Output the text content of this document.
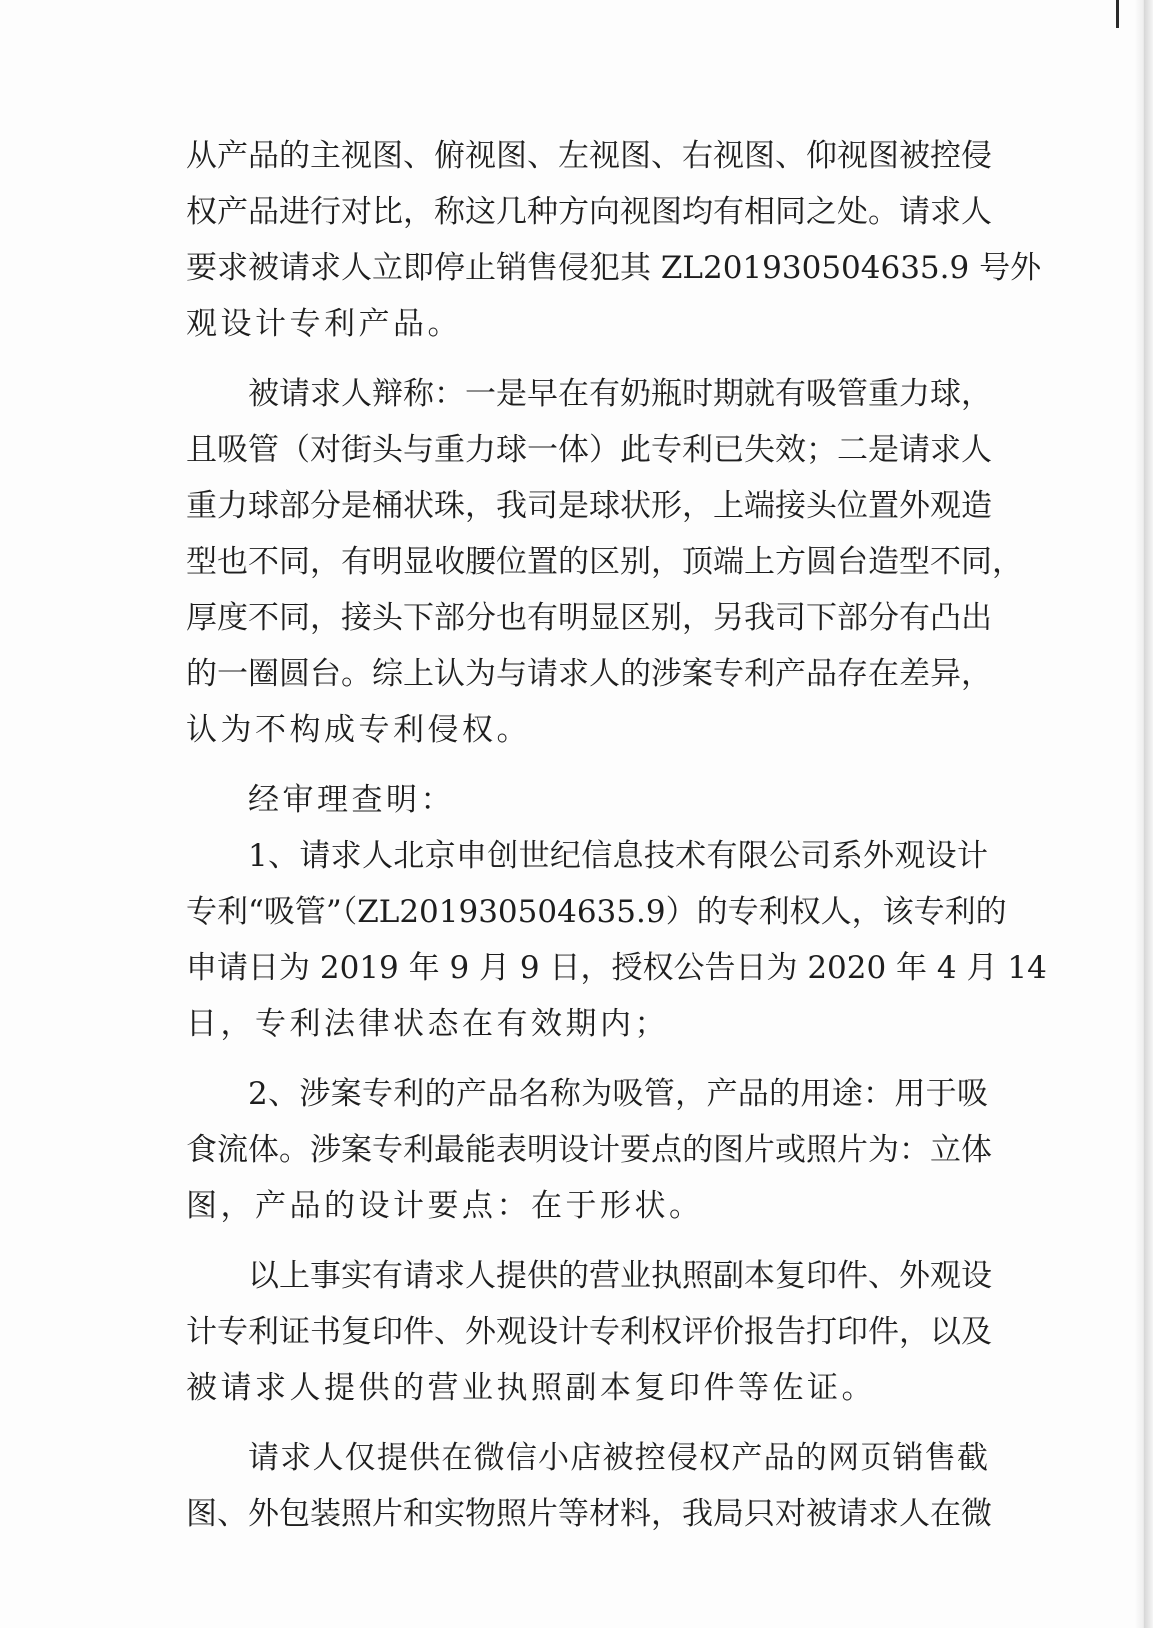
从产品的主视图、俯视图、左视图、右视图、仰视图被控侵
权产品进行对比，称这几种方向视图均有相同之处。请求人
要求被请求人立即停止销售侵犯其 ZL201930504635.9 号外
观设计专利产品。
被请求人辩称：一是早在有奶瓶时期就有吸管重力球，
且吸管（对街头与重力球一体）此专利已失效；二是请求人
重力球部分是桶状珠，我司是球状形，上端接头位置外观造
型也不同，有明显收腰位置的区别，顶端上方圆台造型不同，
厚度不同，接头下部分也有明显区别，另我司下部分有凸出
的一圈圆台。综上认为与请求人的涉案专利产品存在差异，
认为不构成专利侵权。
经审理查明：
1、请求人北京申创世纪信息技术有限公司系外观设计
专利“吸管”（ZL201930504635.9）的专利权人，该专利的
申请日为 2019 年 9 月 9 日，授权公告日为 2020 年 4 月 14
日，专利法律状态在有效期内；
2、涉案专利的产品名称为吸管，产品的用途：用于吸
食流体。涉案专利最能表明设计要点的图片或照片为：立体
图，产品的设计要点：在于形状。
以上事实有请求人提供的营业执照副本复印件、外观设
计专利证书复印件、外观设计专利权评价报告打印件，以及
被请求人提供的营业执照副本复印件等佐证。
请求人仅提供在微信小店被控侵权产品的网页销售截
图、外包装照片和实物照片等材料，我局只对被请求人在微
